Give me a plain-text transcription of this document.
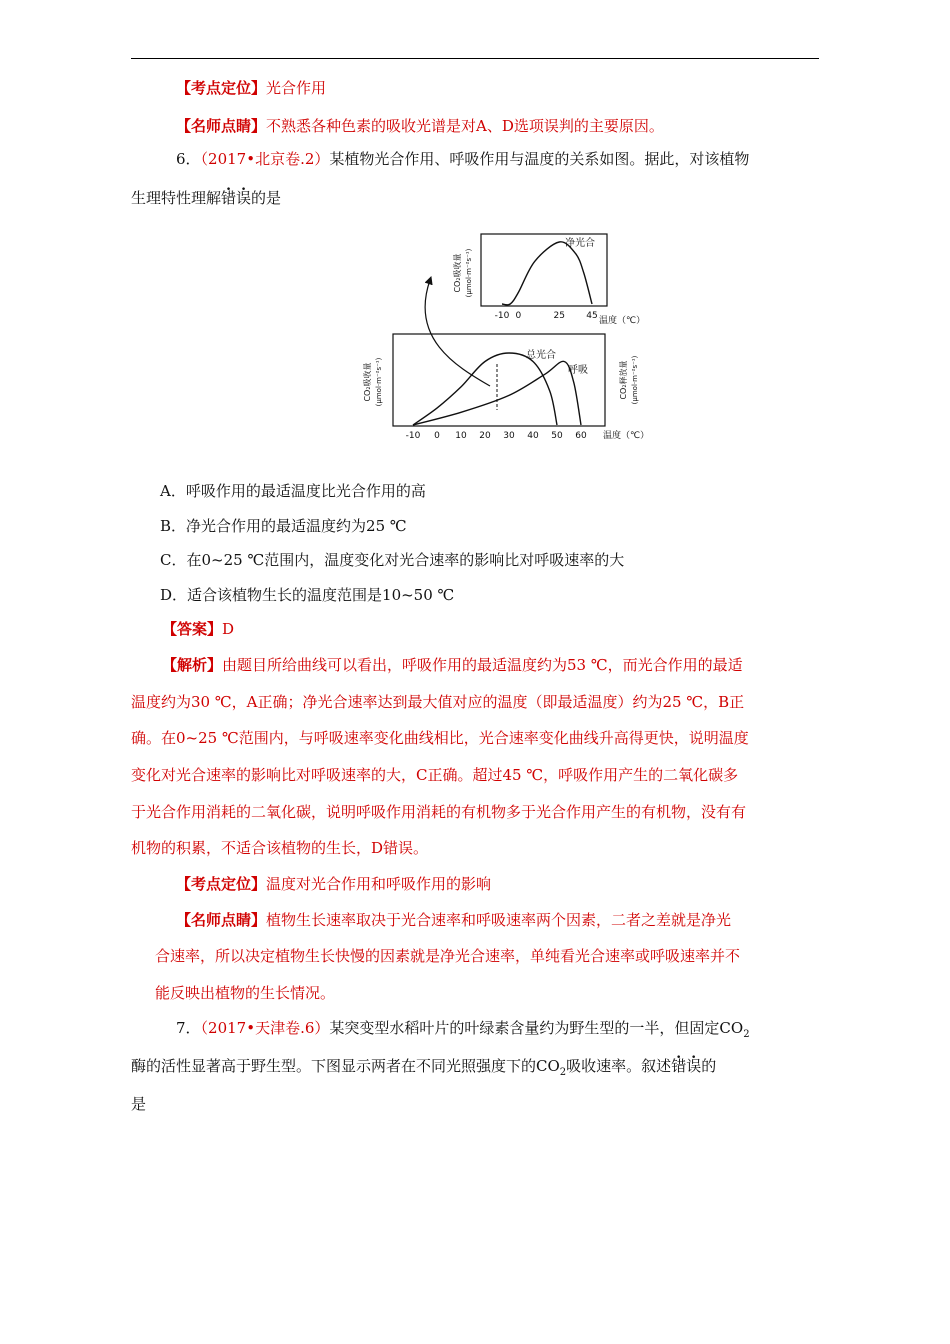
【考点定位】光合作用
【名师点睛】不熟悉各种色素的吸收光谱是对A、D选项误判的主要原因。
6．（2017•北京卷.2）某植物光合作用、呼吸作用与温度的关系如图。据此，对该植物
生理特性理解错误的是
净光合
CO₂吸收量 (μmol·m⁻²s⁻¹)
-10 0	25 45 温度（℃）
总光合
呼吸
CO₂吸收量 (μmol·m⁻²s⁻¹)	CO₂释放量 (μmol·m⁻²s⁻¹)
-10 0 10 20 30 40 50 60 温度（℃）
A．呼吸作用的最适温度比光合作用的高
B．净光合作用的最适温度约为25 ℃
C．在0~25 ℃范围内，温度变化对光合速率的影响比对呼吸速率的大
D．适合该植物生长的温度范围是10~50 ℃
【答案】D
【解析】由题目所给曲线可以看出，呼吸作用的最适温度约为53 ℃，而光合作用的最适
温度约为30 ℃，A正确；净光合速率达到最大值对应的温度（即最适温度）约为25 ℃，B正
确。在0~25 ℃范围内，与呼吸速率变化曲线相比，光合速率变化曲线升高得更快，说明温度
变化对光合速率的影响比对呼吸速率的大，C正确。超过45 ℃，呼吸作用产生的二氧化碳多
于光合作用消耗的二氧化碳，说明呼吸作用消耗的有机物多于光合作用产生的有机物，没有有
机物的积累，不适合该植物的生长，D错误。
【考点定位】温度对光合作用和呼吸作用的影响
【名师点睛】植物生长速率取决于光合速率和呼吸速率两个因素，二者之差就是净光
合速率，所以决定植物生长快慢的因素就是净光合速率，单纯看光合速率或呼吸速率并不
能反映出植物的生长情况。
7．（2017•天津卷.6）某突变型水稻叶片的叶绿素含量约为野生型的一半，但固定$CO_2$
酶的活性显著高于野生型。下图显示两者在不同光照强度下的$CO_2$吸收速率。叙述错误的
是
